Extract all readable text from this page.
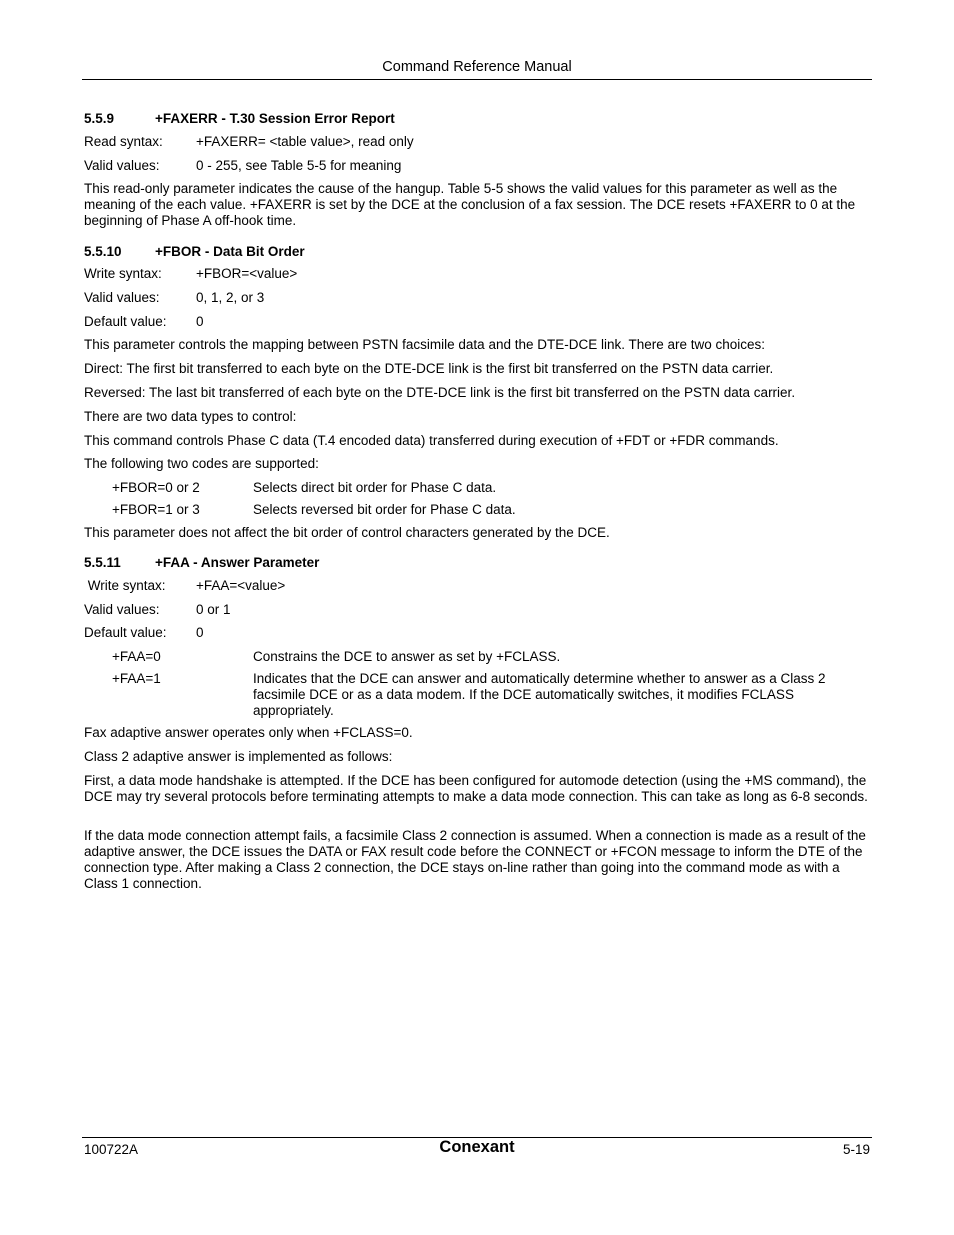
Command Reference Manual
5.5.9	+FAXERR - T.30 Session Error Report
Read syntax: +FAXERR= <table value>, read only
Valid values:	0 - 255, see Table 5-5 for meaning
This read-only parameter indicates the cause of the hangup. Table 5-5 shows the valid values for this parameter as well as the meaning of the each value. +FAXERR is set by the DCE at the conclusion of a fax session. The DCE resets +FAXERR to 0 at the beginning of Phase A off-hook time.
5.5.10 +FBOR - Data Bit Order
Write syntax:	+FBOR=<value>
Valid values:	0, 1, 2, or 3
Default value: 0
This parameter controls the mapping between PSTN facsimile data and the DTE-DCE link. There are two choices:
Direct: The first bit transferred to each byte on the DTE-DCE link is the first bit transferred on the PSTN data carrier.
Reversed: The last bit transferred of each byte on the DTE-DCE link is the first bit transferred on the PSTN data carrier.
There are two data types to control:
This command controls Phase C data (T.4 encoded data) transferred during execution of +FDT or +FDR commands.
The following two codes are supported:
+FBOR=0 or 2	Selects direct bit order for Phase C data.
+FBOR=1 or 3	Selects reversed bit order for Phase C data.
This parameter does not affect the bit order of control characters generated by the DCE.
5.5.11	+FAA - Answer Parameter
Write syntax: +FAA=<value>
Valid values:	0 or 1
Default value: 0
+FAA=0	Constrains the DCE to answer as set by +FCLASS.
+FAA=1	Indicates that the DCE can answer and automatically determine whether to answer as a Class 2 facsimile DCE or as a data modem. If the DCE automatically switches, it modifies FCLASS appropriately.
Fax adaptive answer operates only when +FCLASS=0.
Class 2 adaptive answer is implemented as follows:
First, a data mode handshake is attempted. If the DCE has been configured for automode detection (using the +MS command), the DCE may try several protocols before terminating attempts to make a data mode connection. This can take as long as 6-8 seconds.
If the data mode connection attempt fails, a facsimile Class 2 connection is assumed. When a connection is made as a result of the adaptive answer, the DCE issues the DATA or FAX result code before the CONNECT or +FCON message to inform the DTE of the connection type. After making a Class 2 connection, the DCE stays on-line rather than going into the command mode as with a Class 1 connection.
100722A	Conexant	5-19
